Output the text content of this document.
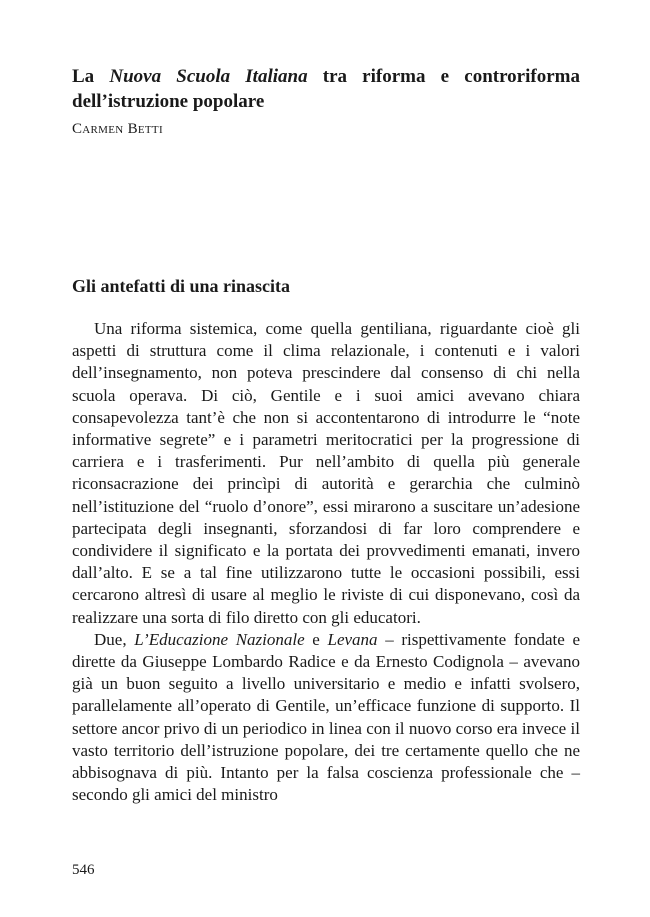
La Nuova Scuola Italiana tra riforma e controriforma dell’istruzione popolare

Carmen Betti

Gli antefatti di una rinascita

Una riforma sistemica, come quella gentiliana, riguardante cioè gli aspetti di struttura come il clima relazionale, i contenuti e i valori dell’insegnamento, non poteva prescindere dal consenso di chi nella scuola operava. Di ciò, Gentile e i suoi amici avevano chiara consapevolezza tant’è che non si accontentarono di introdurre le “note informative segrete” e i parametri meritocratici per la progressione di carriera e i trasferimenti. Pur nell’ambito di quella più generale riconsacrazione dei princìpi di autorità e gerarchia che culminò nell’istituzione del “ruolo d’onore”, essi mirarono a suscitare un’adesione partecipata degli insegnanti, sforzandosi di far loro comprendere e condividere il significato e la portata dei provvedimenti emanati, invero dall’alto. E se a tal fine utilizzarono tutte le occasioni possibili, essi cercarono altresì di usare al meglio le riviste di cui disponevano, così da realizzare una sorta di filo diretto con gli educatori.

Due, L’Educazione Nazionale e Levana – rispettivamente fondate e dirette da Giuseppe Lombardo Radice e da Ernesto Codignola – avevano già un buon seguito a livello universitario e medio e infatti svolsero, parallelamente all’operato di Gentile, un’efficace funzione di supporto. Il settore ancor privo di un periodico in linea con il nuovo corso era invece il vasto territorio dell’istruzione popolare, dei tre certamente quello che ne abbisognava di più. Intanto per la falsa coscienza professionale che – secondo gli amici del ministro

546
